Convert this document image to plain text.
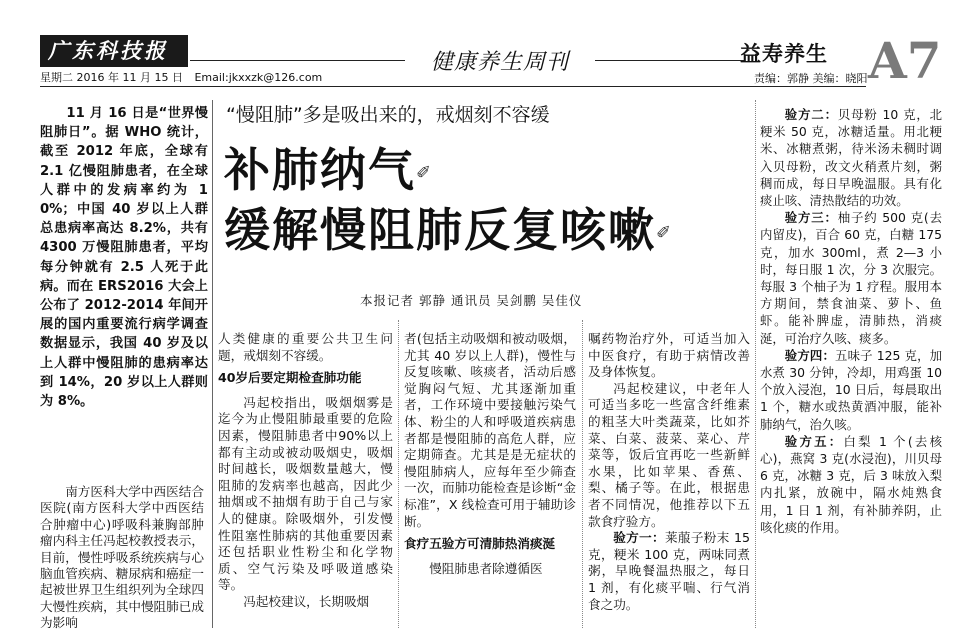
广东科技报
星期二 2016 年 11 月 15 日 Email:jkxxzk@126.com
健康养生周刊	益寿养生 A7
责编：郭静 美编：晓阳
11 月 16 日是“世界慢阻肺日”。据 WHO 统计，截至 2012 年底，全球有 2.1 亿慢阻肺患者，在全球人群中的发病率约为 10%；中国 40 岁以上人群总患病率高达 8.2%，共有 4300 万慢阻肺患者，平均每分钟就有 2.5 人死于此病。而在 ERS2016 大会上公布了 2012-2014 年间开展的国内重要流行病学调查数据显示，我国 40 岁及以上人群中慢阻肺的患病率达到 14%，20 岁以上人群则为 8%。
南方医科大学中西医结合医院(南方医科大学中西医结合肿瘤中心)呼吸科兼胸部肿瘤内科主任冯起校教授表示，目前，慢性呼吸系统疾病与心脑血管疾病、糖尿病和癌症一起被世界卫生组织列为全球四大慢性疾病，其中慢阻肺已成为影响
“慢阻肺”多是吸出来的，戒烟刻不容缓
补肺纳气✐
缓解慢阻肺反复咳嗽✐
本报记者 郭静 通讯员 吴剑鹏 吴佳仪

人类健康的重要公共卫生问题，戒烟刻不容缓。

40岁后要定期检查肺功能

冯起校指出，吸烟烟雾是迄今为止慢阻肺最重要的危险因素，慢阻肺患者中90%以上都有主动或被动吸烟史，吸烟时间越长，吸烟数量越大，慢阻肺的发病率也越高，因此少抽烟或不抽烟有助于自己与家人的健康。除吸烟外，引发慢性阻塞性肺病的其他重要因素还包括职业性粉尘和化学物质、空气污染及呼吸道感染等。

冯起校建议，长期吸烟

者(包括主动吸烟和被动吸烟，尤其 40 岁以上人群)，慢性与反复咳嗽、咳痰者，活动后感觉胸闷气短、尤其逐渐加重者，工作环境中要接触污染气体、粉尘的人和呼吸道疾病患者都是慢阻肺的高危人群，应定期筛查。尤其是是无症状的慢阻肺病人，应每年至少筛查一次，而肺功能检查是诊断“金标准”，X 线检查可用于辅助诊断。

食疗五验方可清肺热消痰涎

慢阻肺患者除遵循医

嘱药物治疗外，可适当加入中医食疗，有助于病情改善及身体恢复。

冯起校建议，中老年人可适当多吃一些富含纤维素的粗茎大叶类蔬菜，比如芥菜、白菜、菠菜、菜心、芹菜等，饭后宜再吃一些新鲜水果，比如苹果、香蕉、梨、橘子等。在此，根据患者不同情况，他推荐以下五款食疗验方。

验方一：莱菔子粉末 15 克，粳米 100 克，两味同煮粥，早晚餐温热服之，每日 1 剂，有化痰平喘、行气消食之功。

验方二：贝母粉 10 克，北粳米 50 克，冰糖适量。用北粳米、冰糖煮粥，待米汤未稠时调入贝母粉，改文火稍煮片刻，粥稠而成，每日早晚温服。具有化痰止咳、清热散结的功效。

验方三：柚子约 500 克(去内留皮)，百合 60 克，白糖 175 克，加水 300ml，煮 2—3 小时，每日服 1 次，分 3 次服完。每服 3 个柚子为 1 疗程。服用本方期间，禁食油菜、萝卜、鱼虾。能补脾虚，清肺热，消痰涎，可治疗久咳、痰多。

验方四：五味子 125 克，加水煮 30 分钟，冷却，用鸡蛋 10 个放入浸泡，10 日后，每晨取出 1 个，糖水或热黄酒冲服，能补肺纳气，治久咳。

验方五：白梨 1 个(去核心)，燕窝 3 克(水浸泡)，川贝母 6 克，冰糖 3 克，后 3 味放入梨内扎紧，放碗中，隔水炖熟食用，1 日 1 剂，有补肺养阴，止咳化痰的作用。
